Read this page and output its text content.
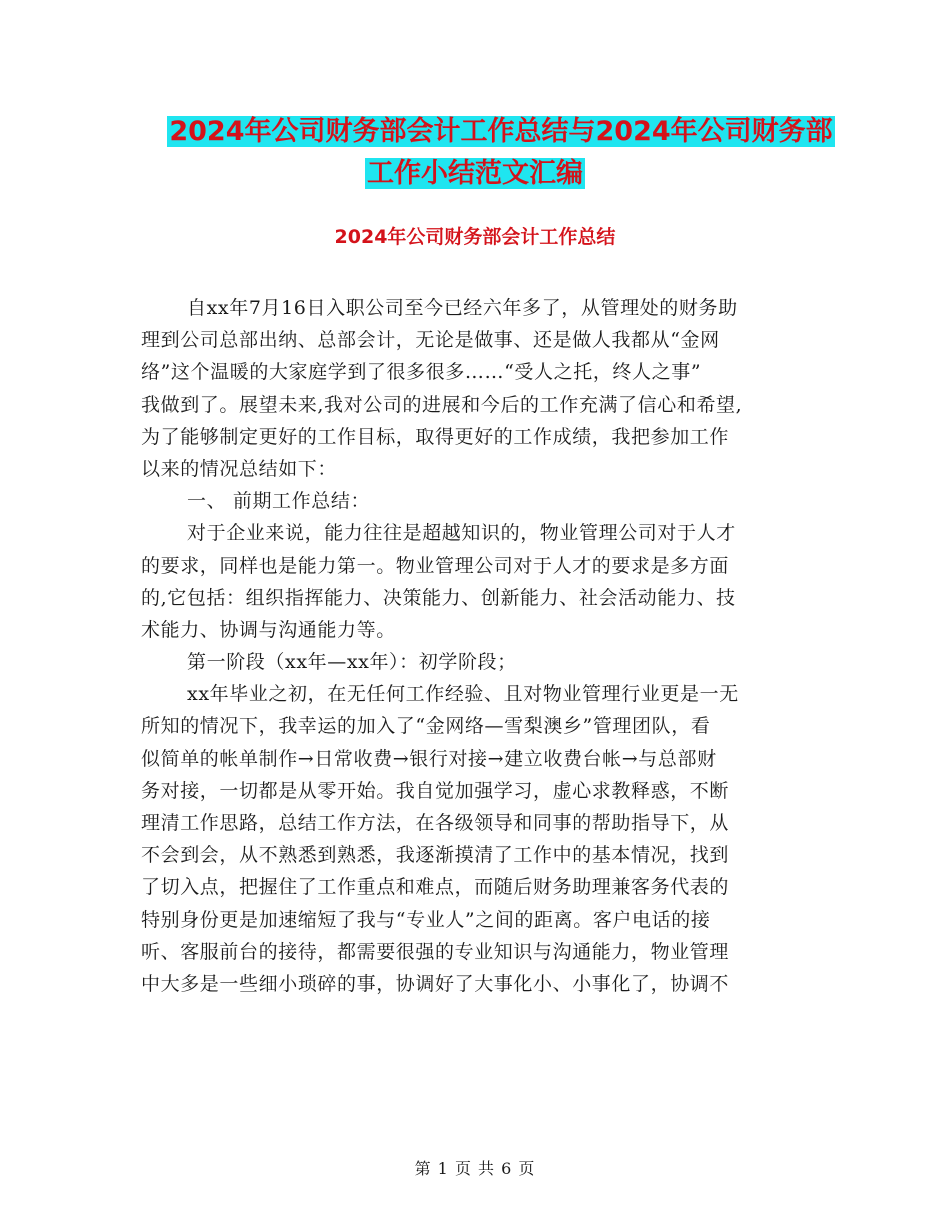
2024年公司财务部会计工作总结与2024年公司财务部
工作小结范文汇编
2024年公司财务部会计工作总结
自xx年7月16日入职公司至今已经六年多了，从管理处的财务助
理到公司总部出纳、总部会计，无论是做事、还是做人我都从“金网
络”这个温暖的大家庭学到了很多很多……“受人之托，终人之事”
我做到了。展望未来,我对公司的进展和今后的工作充满了信心和希望,
为了能够制定更好的工作目标，取得更好的工作成绩，我把参加工作
以来的情况总结如下：
一、 前期工作总结：
对于企业来说，能力往往是超越知识的，物业管理公司对于人才
的要求，同样也是能力第一。物业管理公司对于人才的要求是多方面
的,它包括：组织指挥能力、决策能力、创新能力、社会活动能力、技
术能力、协调与沟通能力等。
第一阶段（xx年—xx年）：初学阶段；
xx年毕业之初，在无任何工作经验、且对物业管理行业更是一无
所知的情况下，我幸运的加入了“金网络—雪梨澳乡”管理团队，看
似简单的帐单制作→日常收费→银行对接→建立收费台帐→与总部财
务对接，一切都是从零开始。我自觉加强学习，虚心求教释惑，不断
理清工作思路，总结工作方法，在各级领导和同事的帮助指导下，从
不会到会，从不熟悉到熟悉，我逐渐摸清了工作中的基本情况，找到
了切入点，把握住了工作重点和难点，而随后财务助理兼客务代表的
特别身份更是加速缩短了我与“专业人”之间的距离。客户电话的接
听、客服前台的接待，都需要很强的专业知识与沟通能力，物业管理
中大多是一些细小琐碎的事，协调好了大事化小、小事化了，协调不
第 1 页 共 6 页
